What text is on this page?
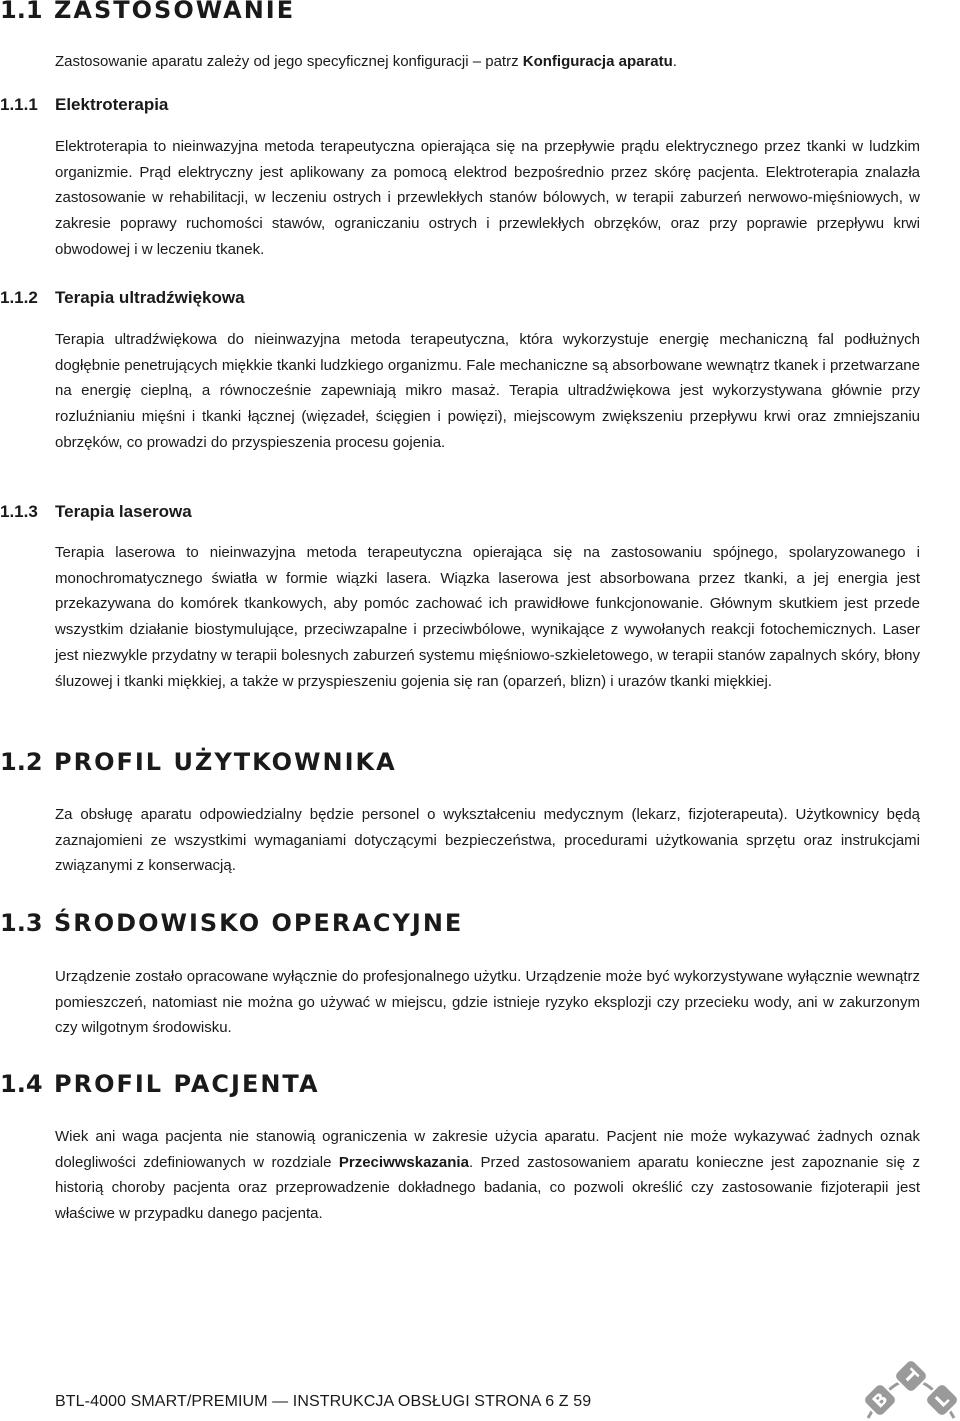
1.1 ZASTOSOWANIE

Zastosowanie aparatu zależy od jego specyficznej konfiguracji – patrz Konfiguracja aparatu.

1.1.1 Elektroterapia

Elektroterapia to nieinwazyjna metoda terapeutyczna opierająca się na przepływie prądu elektrycznego przez tkanki w ludzkim organizmie. Prąd elektryczny jest aplikowany za pomocą elektrod bezpośrednio przez skórę pacjenta. Elektroterapia znalazła zastosowanie w rehabilitacji, w leczeniu ostrych i przewlekłych stanów bólowych, w terapii zaburzeń nerwowo-mięśniowych, w zakresie poprawy ruchomości stawów, ograniczaniu ostrych i przewlekłych obrzęków, oraz przy poprawie przepływu krwi obwodowej i w leczeniu tkanek.

1.1.2 Terapia ultradźwiękowa

Terapia ultradźwiękowa do nieinwazyjna metoda terapeutyczna, która wykorzystuje energię mechaniczną fal podłużnych dogłębnie penetrujących miękkie tkanki ludzkiego organizmu. Fale mechaniczne są absorbowane wewnątrz tkanek i przetwarzane na energię cieplną, a równocześnie zapewniają mikro masaż. Terapia ultradźwiękowa jest wykorzystywana głównie przy rozluźnianiu mięśni i tkanki łącznej (więzadeł, ścięgien i powięzi), miejscowym zwiększeniu przepływu krwi oraz zmniejszaniu obrzęków, co prowadzi do przyspieszenia procesu gojenia.

1.1.3 Terapia laserowa

Terapia laserowa to nieinwazyjna metoda terapeutyczna opierająca się na zastosowaniu spójnego, spolaryzowanego i monochromatycznego światła w formie wiązki lasera. Wiązka laserowa jest absorbowana przez tkanki, a jej energia jest przekazywana do komórek tkankowych, aby pomóc zachować ich prawidłowe funkcjonowanie. Głównym skutkiem jest przede wszystkim działanie biostymulujące, przeciwzapalne i przeciwbólowe, wynikające z wywołanych reakcji fotochemicznych. Laser jest niezwykle przydatny w terapii bolesnych zaburzeń systemu mięśniowo-szkieletowego, w terapii stanów zapalnych skóry, błony śluzowej i tkanki miękkiej, a także w przyspieszeniu gojenia się ran (oparzeń, blizn) i urazów tkanki miękkiej.

1.2 PROFIL UŻYTKOWNIKA

Za obsługę aparatu odpowiedzialny będzie personel o wykształceniu medycznym (lekarz, fizjoterapeuta). Użytkownicy będą zaznajomieni ze wszystkimi wymaganiami dotyczącymi bezpieczeństwa, procedurami użytkowania sprzętu oraz instrukcjami związanymi z konserwacją.

1.3 ŚRODOWISKO OPERACYJNE

Urządzenie zostało opracowane wyłącznie do profesjonalnego użytku. Urządzenie może być wykorzystywane wyłącznie wewnątrz pomieszczeń, natomiast nie można go używać w miejscu, gdzie istnieje ryzyko eksplozji czy przecieku wody, ani w zakurzonym czy wilgotnym środowisku.

1.4 PROFIL PACJENTA

Wiek ani waga pacjenta nie stanowią ograniczenia w zakresie użycia aparatu. Pacjent nie może wykazywać żadnych oznak dolegliwości zdefiniowanych w rozdziale Przeciwwskazania. Przed zastosowaniem aparatu konieczne jest zapoznanie się z historią choroby pacjenta oraz przeprowadzenie dokładnego badania, co pozwoli określić czy zastosowanie fizjoterapii jest właściwe w przypadku danego pacjenta.

BTL-4000 SMART/PREMIUM — INSTRUKCJA OBSŁUGI STRONA 6 Z 59	B
T
L
